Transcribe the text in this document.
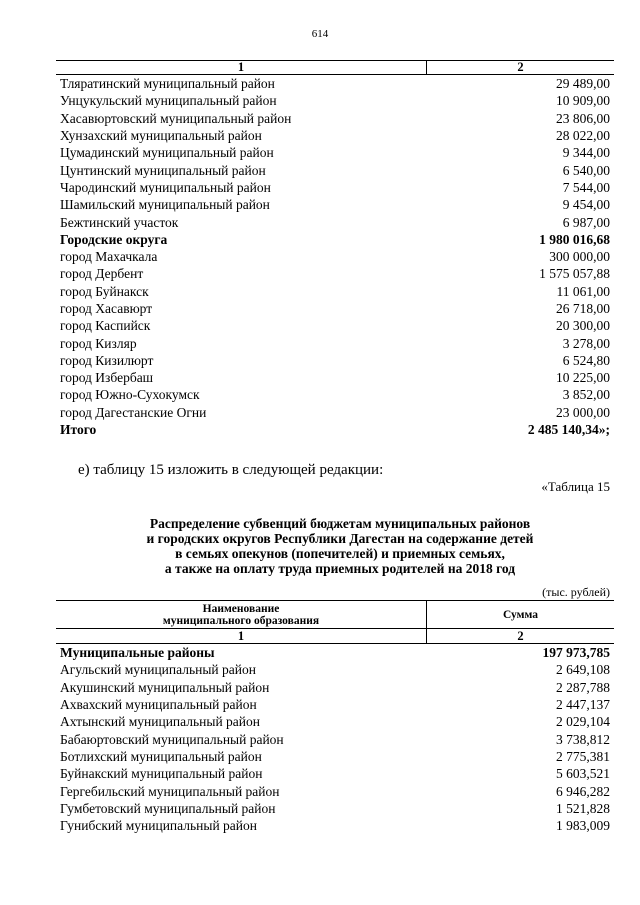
614
1	2
Тляратинский муниципальный район	29 489,00
Унцукульский муниципальный район	10 909,00
Хасавюртовский муниципальный район	23 806,00
Хунзахский муниципальный район	28 022,00
Цумадинский муниципальный район	9 344,00
Цунтинский муниципальный район	6 540,00
Чародинский муниципальный район	7 544,00
Шамильский муниципальный район	9 454,00
Бежтинский участок	6 987,00
Городские округа	1 980 016,68
город Махачкала	300 000,00
город Дербент	1 575 057,88
город Буйнакск	11 061,00
город Хасавюрт	26 718,00
город Каспийск	20 300,00
город Кизляр	3 278,00
город Кизилюрт	6 524,80
город Избербаш	10 225,00
город Южно-Сухокумск	3 852,00
город Дагестанские Огни	23 000,00
Итого	2 485 140,34»;
е) таблицу 15 изложить в следующей редакции:
«Таблица 15
Распределение субвенций бюджетам муниципальных районов
и городских округов Республики Дагестан на содержание детей
в семьях опекунов (попечителей) и приемных семьях,
а также на оплату труда приемных родителей на 2018 год
(тыс. рублей)
Наименование
муниципального образования	Сумма
1	2
Муниципальные районы	197 973,785
Агульский муниципальный район	2 649,108
Акушинский муниципальный район	2 287,788
Ахвахский муниципальный район	2 447,137
Ахтынский муниципальный район	2 029,104
Бабаюртовский муниципальный район	3 738,812
Ботлихский муниципальный район	2 775,381
Буйнакский муниципальный район	5 603,521
Гергебильский муниципальный район	6 946,282
Гумбетовский муниципальный район	1 521,828
Гунибский муниципальный район	1 983,009
